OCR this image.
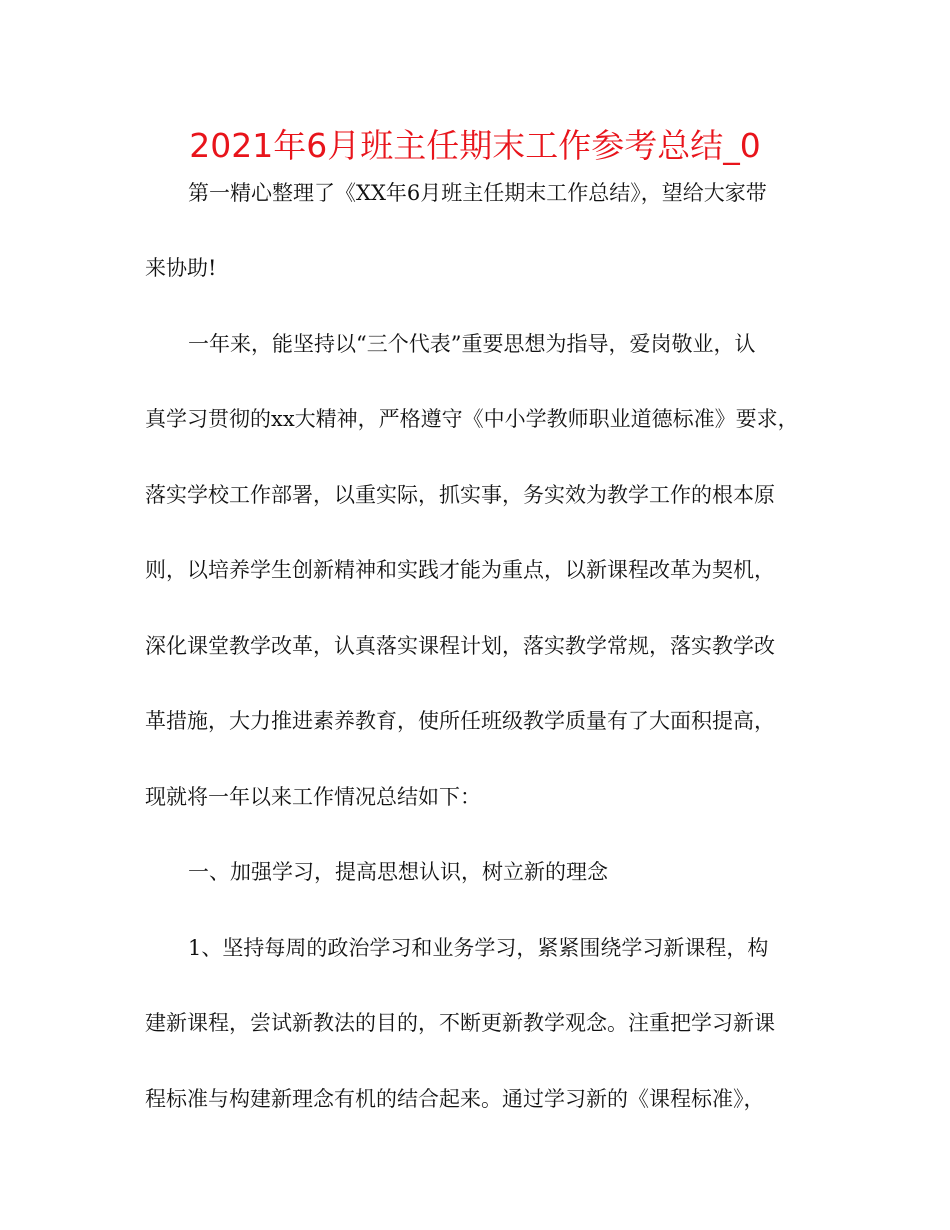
2021年6月班主任期末工作参考总结_0
第一精心整理了《XX年6月班主任期末工作总结》，望给大家带
来协助!
一年来，能坚持以“三个代表”重要思想为指导，爱岗敬业，认
真学习贯彻的xx大精神，严格遵守《中小学教师职业道德标准》要求，
落实学校工作部署，以重实际，抓实事，务实效为教学工作的根本原
则，以培养学生创新精神和实践才能为重点，以新课程改革为契机，
深化课堂教学改革，认真落实课程计划，落实教学常规，落实教学改
革措施，大力推进素养教育，使所任班级教学质量有了大面积提高，
现就将一年以来工作情况总结如下：
一、加强学习，提高思想认识，树立新的理念
1、坚持每周的政治学习和业务学习，紧紧围绕学习新课程，构
建新课程，尝试新教法的目的，不断更新教学观念。注重把学习新课
程标准与构建新理念有机的结合起来。通过学习新的《课程标准》，
